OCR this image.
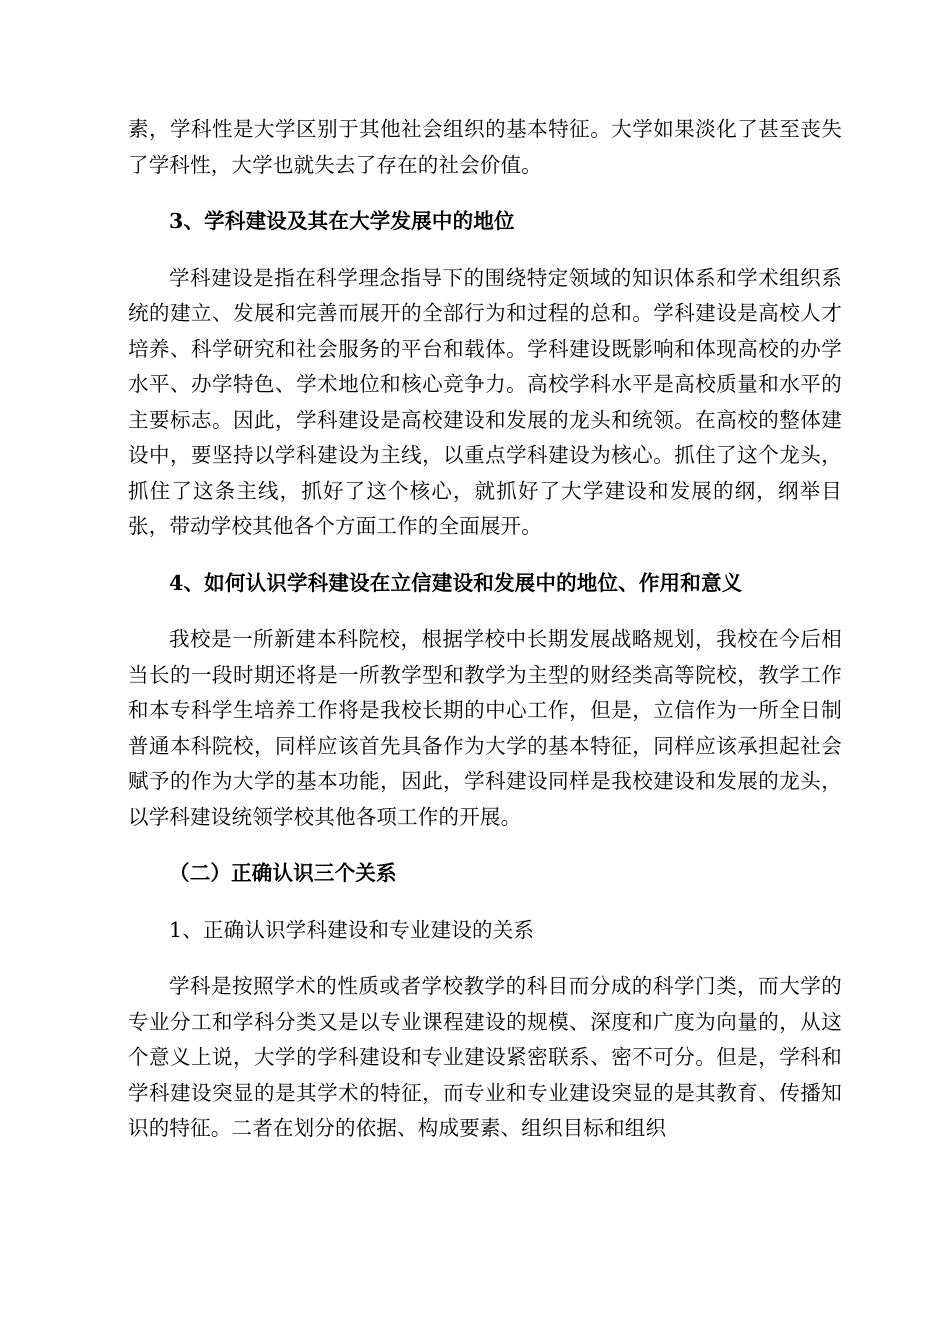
素，学科性是大学区别于其他社会组织的基本特征。大学如果淡化了甚至丧失了学科性，大学也就失去了存在的社会价值。

3、学科建设及其在大学发展中的地位

学科建设是指在科学理念指导下的围绕特定领域的知识体系和学术组织系统的建立、发展和完善而展开的全部行为和过程的总和。学科建设是高校人才培养、科学研究和社会服务的平台和载体。学科建设既影响和体现高校的办学水平、办学特色、学术地位和核心竞争力。高校学科水平是高校质量和水平的主要标志。因此，学科建设是高校建设和发展的龙头和统领。在高校的整体建设中，要坚持以学科建设为主线，以重点学科建设为核心。抓住了这个龙头，抓住了这条主线，抓好了这个核心，就抓好了大学建设和发展的纲，纲举目张，带动学校其他各个方面工作的全面展开。

4、如何认识学科建设在立信建设和发展中的地位、作用和意义

我校是一所新建本科院校，根据学校中长期发展战略规划，我校在今后相当长的一段时期还将是一所教学型和教学为主型的财经类高等院校，教学工作和本专科学生培养工作将是我校长期的中心工作，但是，立信作为一所全日制普通本科院校，同样应该首先具备作为大学的基本特征，同样应该承担起社会赋予的作为大学的基本功能，因此，学科建设同样是我校建设和发展的龙头，以学科建设统领学校其他各项工作的开展。

（二）正确认识三个关系

1、正确认识学科建设和专业建设的关系

学科是按照学术的性质或者学校教学的科目而分成的科学门类，而大学的专业分工和学科分类又是以专业课程建设的规模、深度和广度为向量的，从这个意义上说，大学的学科建设和专业建设紧密联系、密不可分。但是，学科和学科建设突显的是其学术的特征，而专业和专业建设突显的是其教育、传播知识的特征。二者在划分的依据、构成要素、组织目标和组织
